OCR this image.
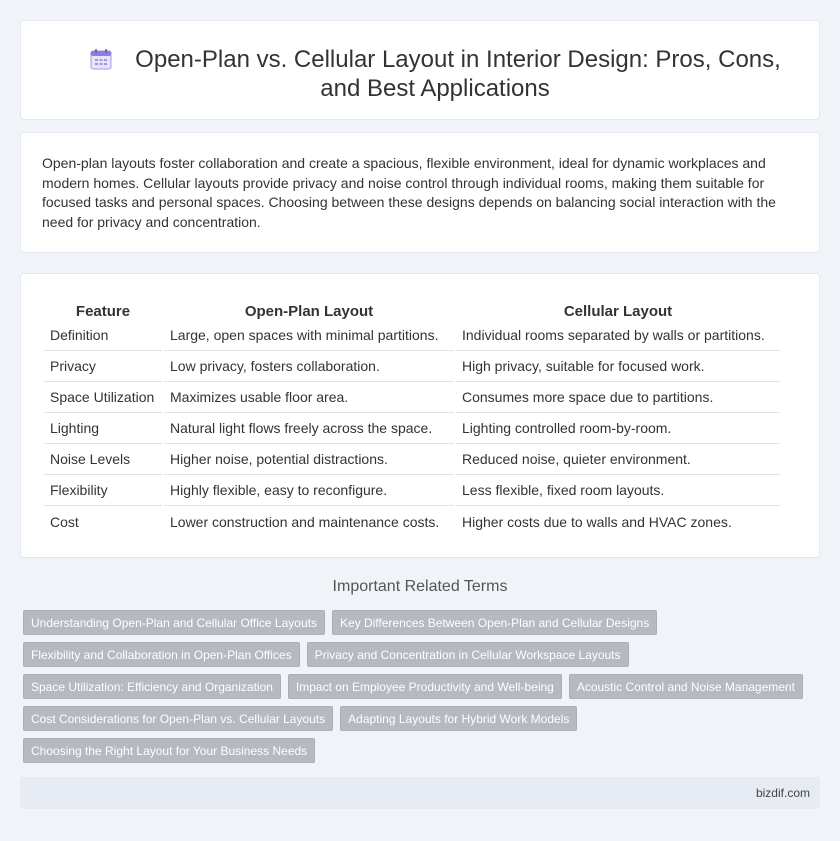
Open-Plan vs. Cellular Layout in Interior Design: Pros, Cons, and Best Applications

Open-plan layouts foster collaboration and create a spacious, flexible environment, ideal for dynamic workplaces and modern homes. Cellular layouts provide privacy and noise control through individual rooms, making them suitable for focused tasks and personal spaces. Choosing between these designs depends on balancing social interaction with the need for privacy and concentration.

Feature	Open-Plan Layout	Cellular Layout
Definition	Large, open spaces with minimal partitions.	Individual rooms separated by walls or partitions.
Privacy	Low privacy, fosters collaboration.	High privacy, suitable for focused work.
Space Utilization	Maximizes usable floor area.	Consumes more space due to partitions.
Lighting	Natural light flows freely across the space.	Lighting controlled room-by-room.
Noise Levels	Higher noise, potential distractions.	Reduced noise, quieter environment.
Flexibility	Highly flexible, easy to reconfigure.	Less flexible, fixed room layouts.
Cost	Lower construction and maintenance costs.	Higher costs due to walls and HVAC zones.
Important Related Terms
Understanding Open-Plan and Cellular Office Layouts	Key Differences Between Open-Plan and Cellular Designs
Flexibility and Collaboration in Open-Plan Offices	Privacy and Concentration in Cellular Workspace Layouts
Space Utilization: Efficiency and Organization	Impact on Employee Productivity and Well-being	Acoustic Control and Noise Management
Cost Considerations for Open-Plan vs. Cellular Layouts	Adapting Layouts for Hybrid Work Models
Choosing the Right Layout for Your Business Needs
bizdif.com
